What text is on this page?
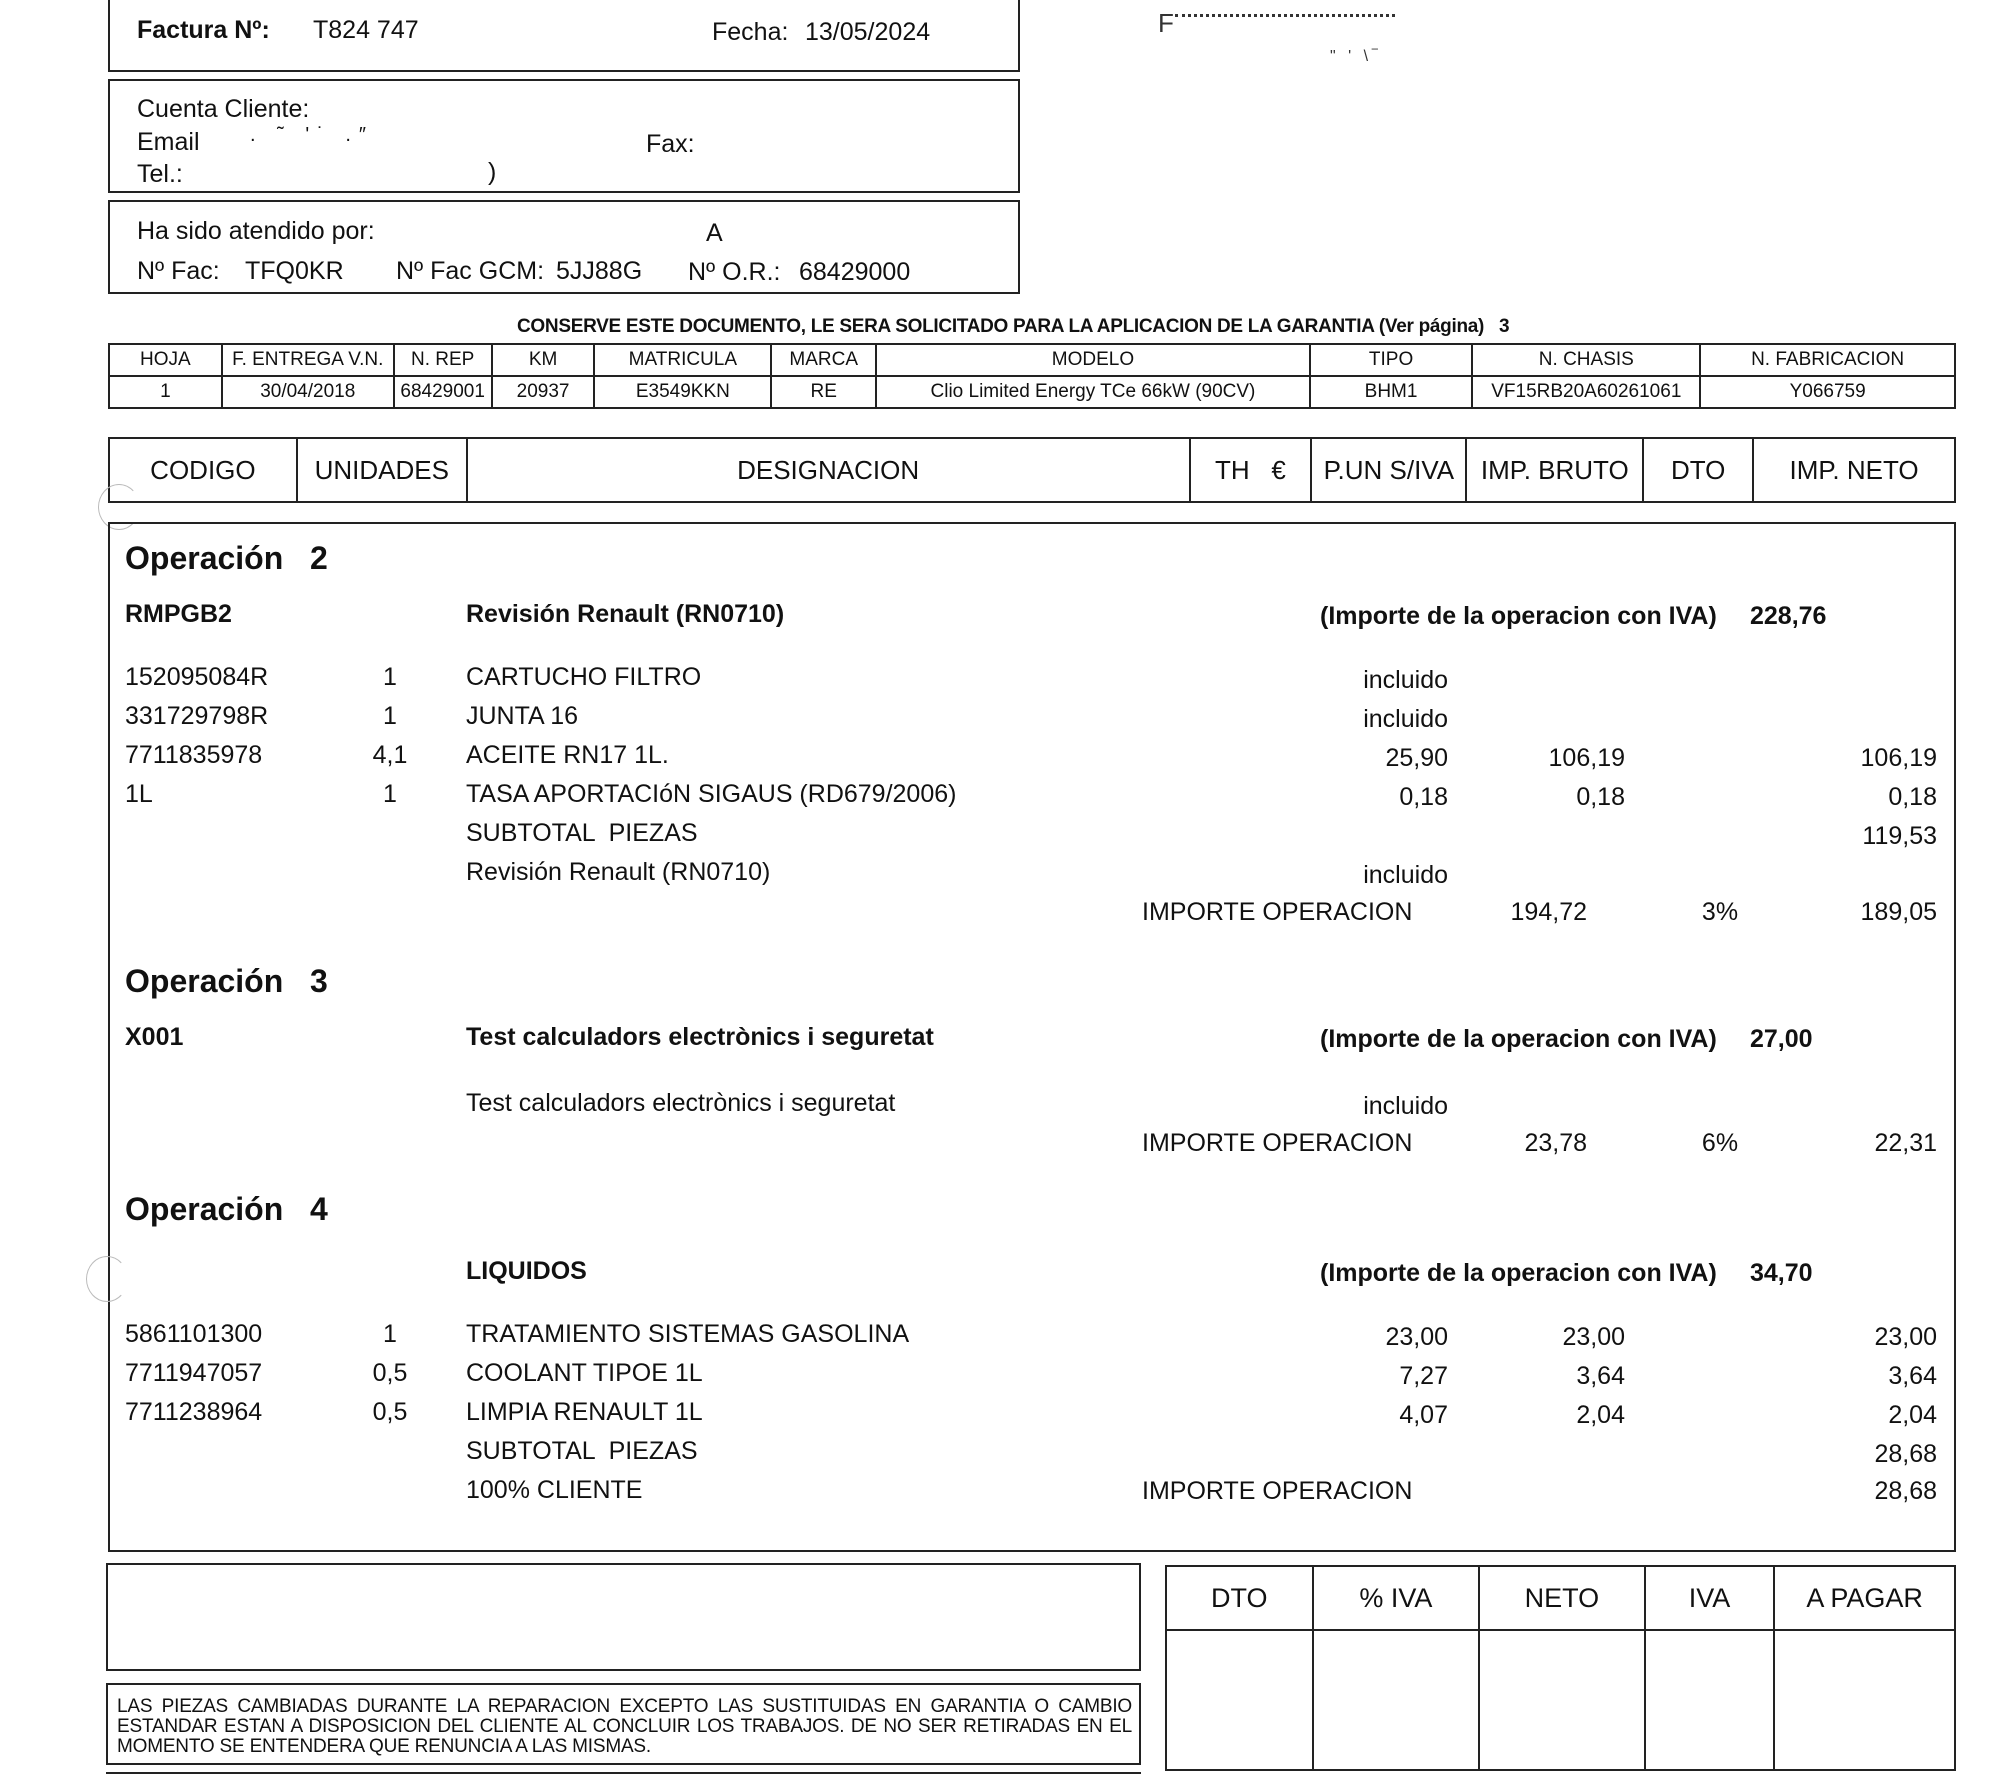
Factura Nº: T824 747	Fecha: 13/05/2024	F
" ' \‾
Cuenta Cliente:
Email	. ˜ '˙ .″	Fax:
Tel.:	)
Ha sido atendido por:	A
Nº Fac: TFQ0KR Nº Fac GCM: 5JJ88G Nº O.R.: 68429000
CONSERVE ESTE DOCUMENTO, LE SERA SOLICITADO PARA LA APLICACION DE LA GARANTIA (Ver página)   3
HOJA	F. ENTREGA V.N.	N. REP	KM	MATRICULA	MARCA	MODELO	TIPO	N. CHASIS	N. FABRICACION
1	30/04/2018	68429001	20937	E3549KKN	RE	Clio Limited Energy TCe 66kW (90CV)	BHM1	VF15RB20A60261061	Y066759
CODIGO	UNIDADES	DESIGNACION	TH €	P.UN S/IVA	IMP. BRUTO	DTO	IMP. NETO
Operación   2
RMPGB2	Revisión Renault (RN0710)	(Importe de la operacion con IVA) 228,76
152095084R	1	CARTUCHO FILTRO	incluido
331729798R	1	JUNTA 16	incluido
7711835978	4,1	ACEITE RN17 1L.	25,90	106,19	106,19
1L	1	TASA APORTACIóN SIGAUS (RD679/2006)	0,18	0,18	0,18
SUBTOTAL  PIEZAS	119,53
Revisión Renault (RN0710)	incluido
IMPORTE OPERACION	194,72	3%	189,05
Operación   3
X001	Test calculadors electrònics i seguretat	(Importe de la operacion con IVA) 27,00
Test calculadors electrònics i seguretat	incluido
IMPORTE OPERACION	23,78	6%	22,31
Operación   4
LIQUIDOS	(Importe de la operacion con IVA) 34,70
5861101300	1	TRATAMIENTO SISTEMAS GASOLINA	23,00	23,00	23,00
7711947057	0,5	COOLANT TIPOE 1L	7,27	3,64	3,64
7711238964	0,5	LIMPIA RENAULT 1L	4,07	2,04	2,04
SUBTOTAL  PIEZAS	28,68
100% CLIENTE	IMPORTE OPERACION	28,68
LAS PIEZAS CAMBIADAS DURANTE LA REPARACION EXCEPTO LAS SUSTITUIDAS EN GARANTIA O CAMBIO ESTANDAR ESTAN A DISPOSICION DEL CLIENTE AL CONCLUIR LOS TRABAJOS. DE NO SER RETIRADAS EN EL MOMENTO SE ENTENDERA QUE RENUNCIA A LAS MISMAS.
DTO	% IVA	NETO	IVA	A PAGAR
